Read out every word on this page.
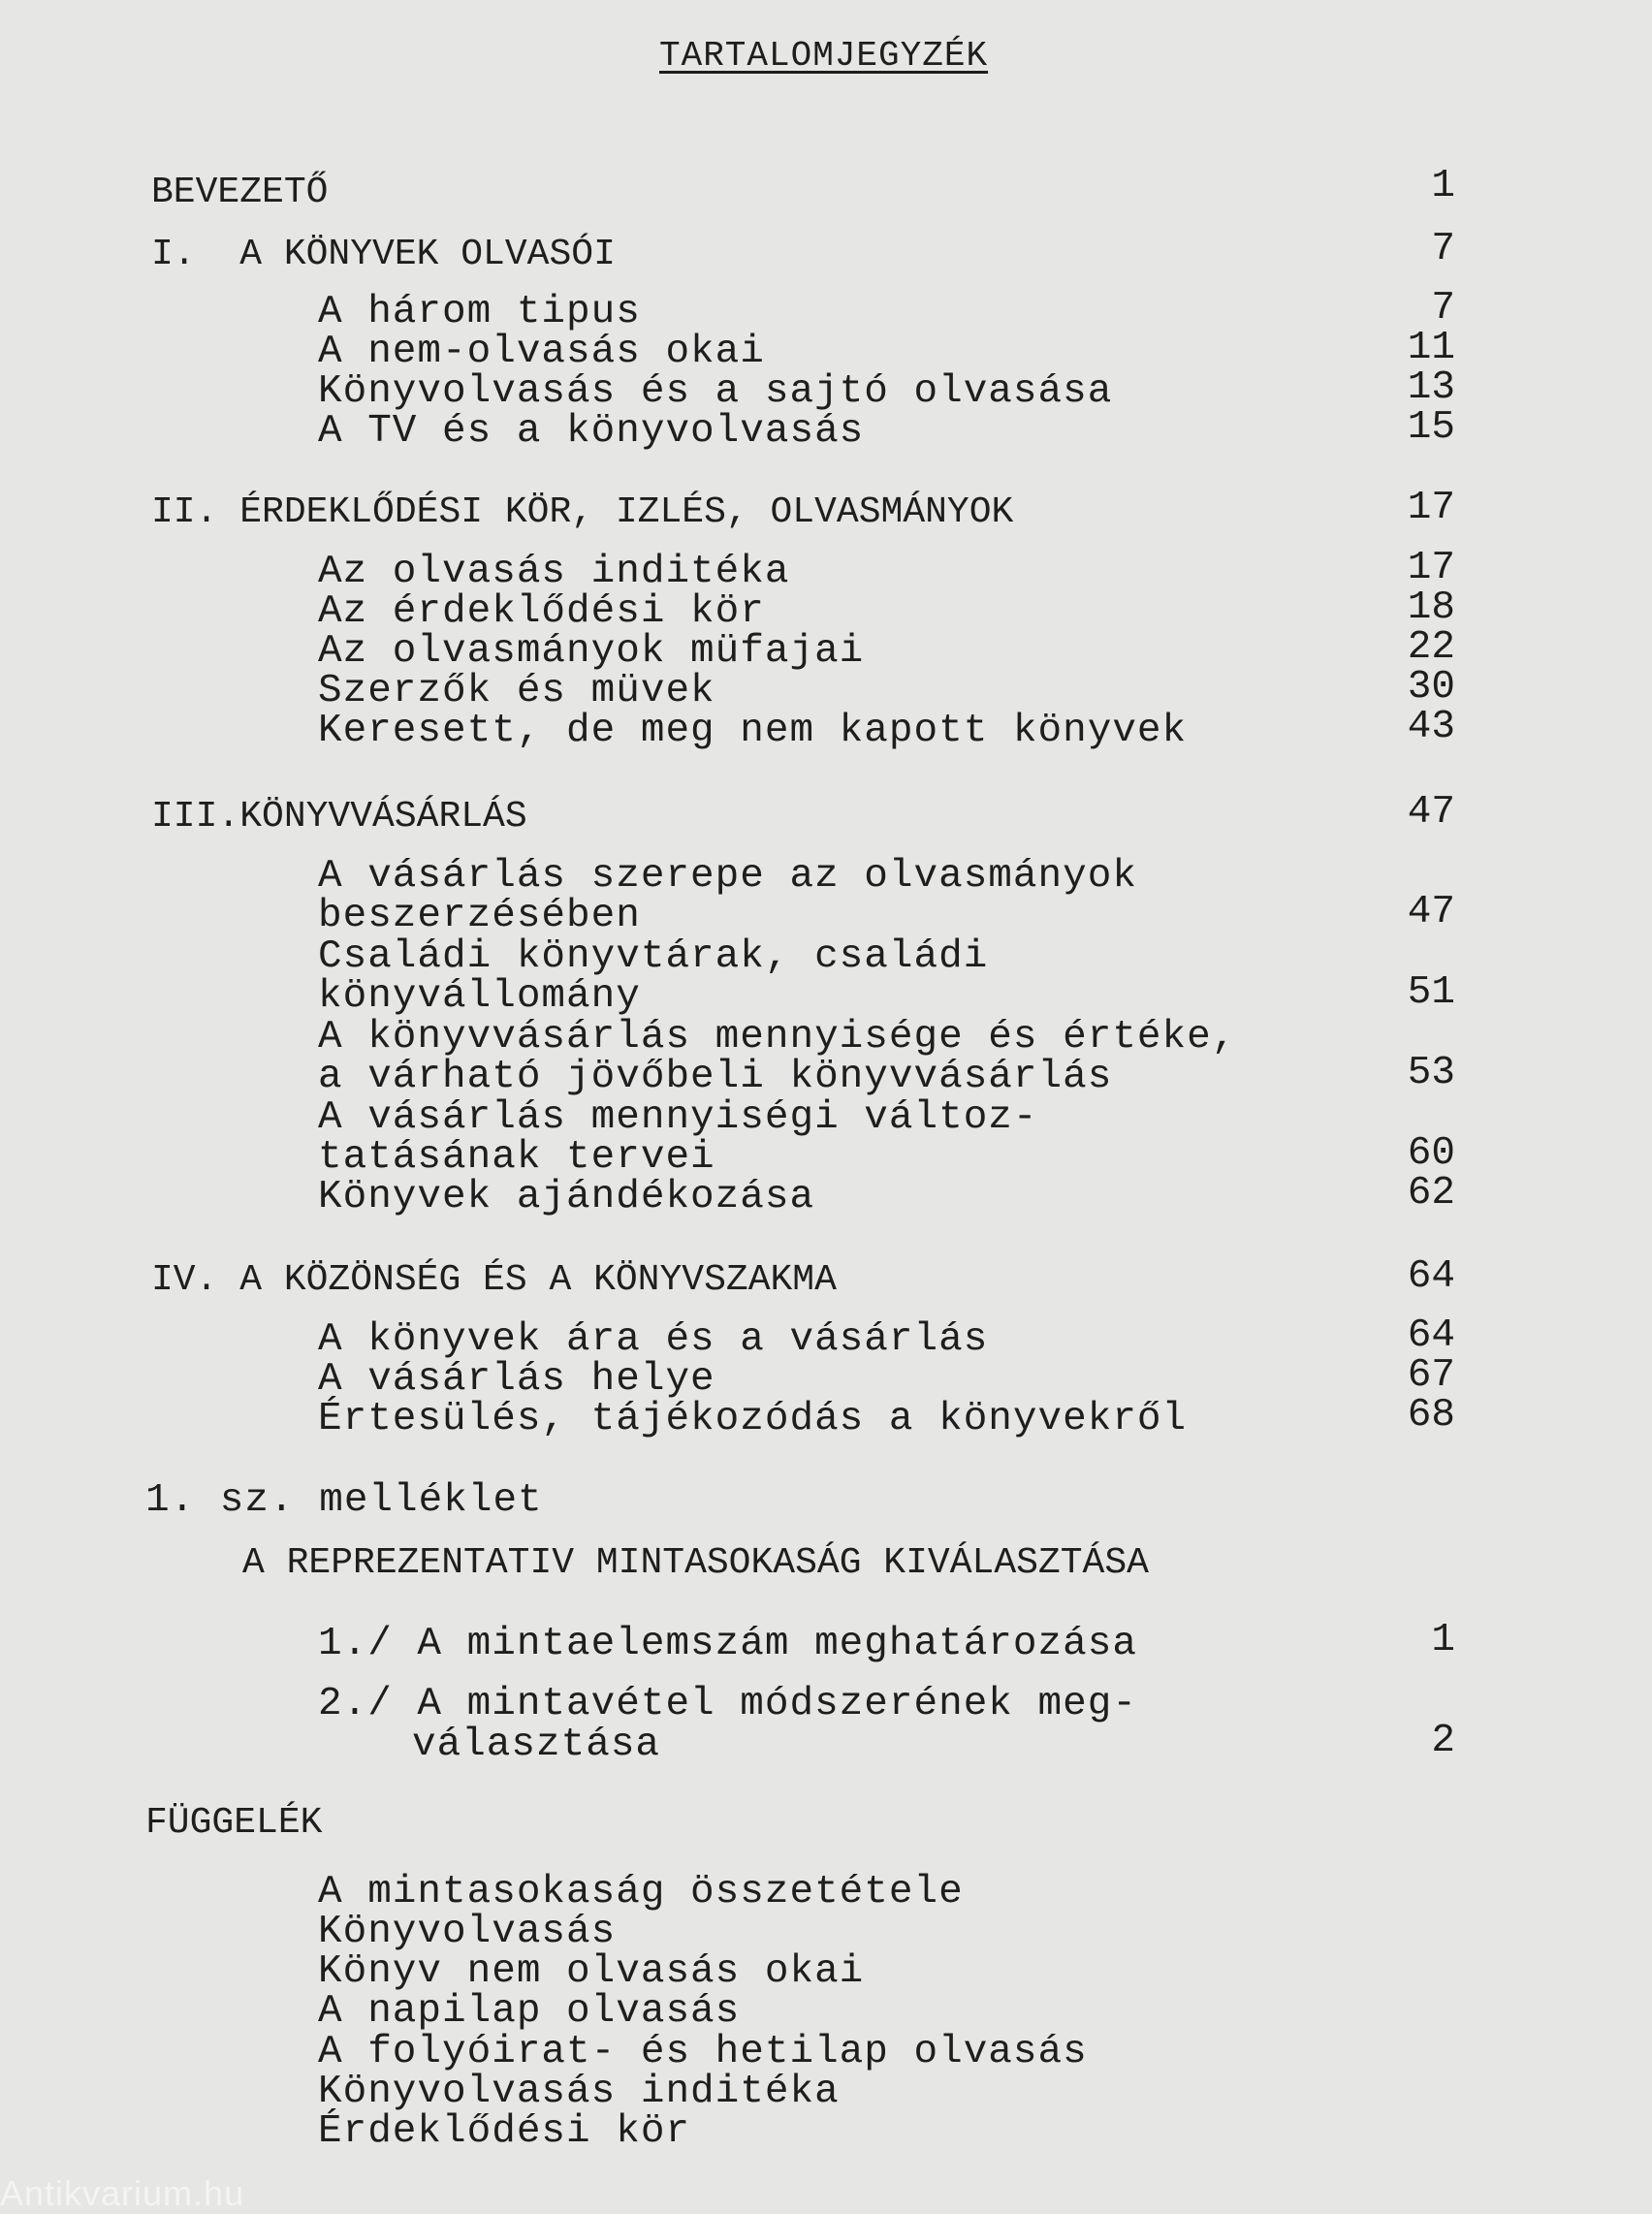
TARTALOMJEGYZÉK
BEVEZETŐ	1
I.  A KÖNYVEK OLVASÓI	7
A három tipus	7
A nem-olvasás okai	11
Könyvolvasás és a sajtó olvasása	13
A TV és a könyvolvasás	15
II. ÉRDEKLŐDÉSI KÖR, IZLÉS, OLVASMÁNYOK	17
Az olvasás inditéka	17
Az érdeklődési kör	18
Az olvasmányok müfajai	22
Szerzők és müvek	30
Keresett, de meg nem kapott könyvek	43
III.KÖNYVVÁSÁRLÁS	47
A vásárlás szerepe az olvasmányok
beszerzésében	47
Családi könyvtárak, családi
könyvállomány	51
A könyvvásárlás mennyisége és értéke,
a várható jövőbeli könyvvásárlás	53
A vásárlás mennyiségi változ-
tatásának tervei	60
Könyvek ajándékozása	62
IV. A KÖZÖNSÉG ÉS A KÖNYVSZAKMA	64
A könyvek ára és a vásárlás	64
A vásárlás helye	67
Értesülés, tájékozódás a könyvekről	68
1. sz. melléklet
A REPREZENTATIV MINTASOKASÁG KIVÁLASZTÁSA
1./ A mintaelemszám meghatározása	1
2./ A mintavétel módszerének meg-
választása	2
FÜGGELÉK
A mintasokaság összetétele
Könyvolvasás
Könyv nem olvasás okai
A napilap olvasás
A folyóirat- és hetilap olvasás
Könyvolvasás inditéka
Érdeklődési kör
Antikvarium.hu
